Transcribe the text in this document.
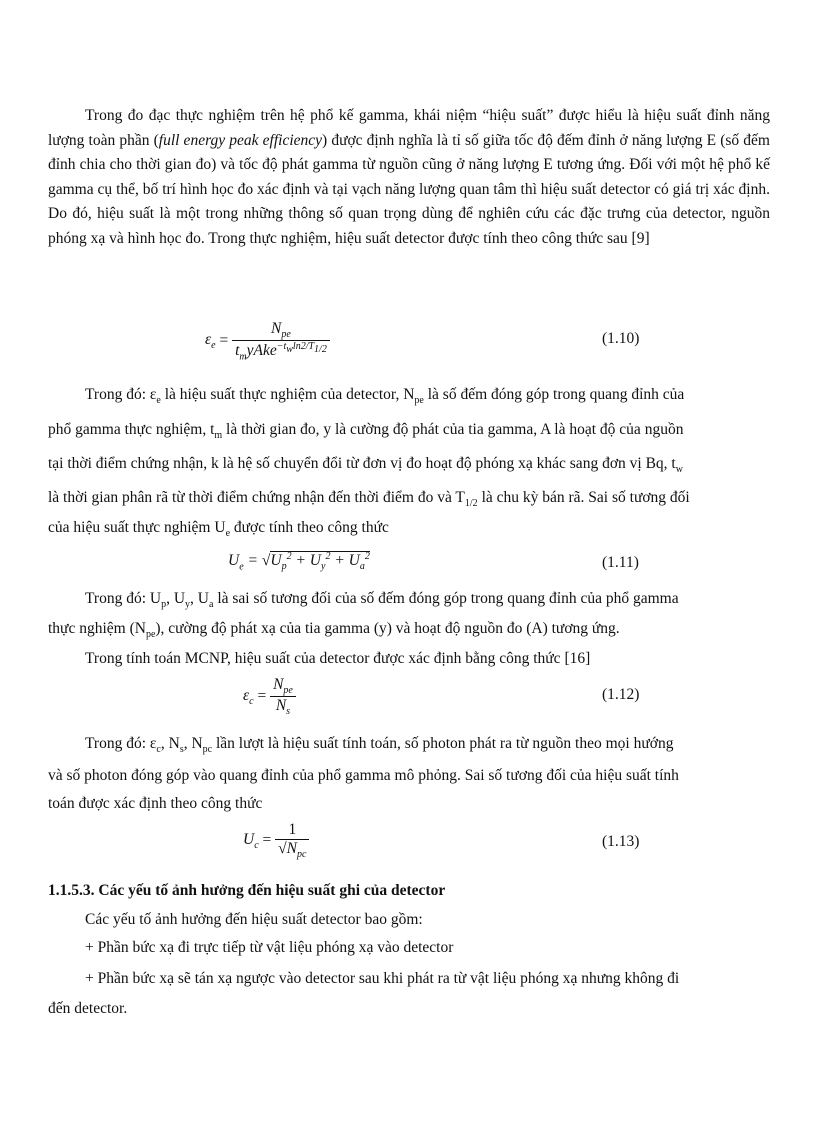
Trong đo đạc thực nghiệm trên hệ phổ kế gamma, khái niệm “hiệu suất” được hiểu là hiệu suất đỉnh năng lượng toàn phần (full energy peak efficiency) được định nghĩa là tỉ số giữa tốc độ đếm đỉnh ở năng lượng E (số đếm đỉnh chia cho thời gian đo) và tốc độ phát gamma từ nguồn cũng ở năng lượng E tương ứng. Đối với một hệ phổ kế gamma cụ thể, bố trí hình học đo xác định và tại vạch năng lượng quan tâm thì hiệu suất detector có giá trị xác định. Do đó, hiệu suất là một trong những thông số quan trọng dùng để nghiên cứu các đặc trưng của detector, nguồn phóng xạ và hình học đo. Trong thực nghiệm, hiệu suất detector được tính theo công thức sau [9]
$\varepsilon_e = \frac{N_{pe}}{t_myAke^{-t_wln2/T_{1/2}}}$	(1.10)
Trong đó: $\varepsilon_e$ là hiệu suất thực nghiệm của detector, $N_{pe}$ là số đếm đóng góp trong quang đỉnh của
phổ gamma thực nghiệm, $t_m$ là thời gian đo, y là cường độ phát của tia gamma, A là hoạt độ của nguồn
tại thời điểm chứng nhận, k là hệ số chuyển đổi từ đơn vị đo hoạt độ phóng xạ khác sang đơn vị Bq, $t_w$
là thời gian phân rã từ thời điểm chứng nhận đến thời điểm đo và $T_{1/2}$ là chu kỳ bán rã. Sai số tương đối
của hiệu suất thực nghiệm $U_e$ được tính theo công thức
$U_e = √U_p^2 + U_y^2 + U_a^2$	(1.11)
Trong đó: $U_p$, $U_y$, $U_a$ là sai số tương đối của số đếm đóng góp trong quang đỉnh của phổ gamma
thực nghiệm $(N_{pe})$, cường độ phát xạ của tia gamma (y) và hoạt độ nguồn đo (A) tương ứng.
Trong tính toán MCNP, hiệu suất của detector được xác định bằng công thức [16]
$\varepsilon_c = \frac{N_{pe}}{N_s}$	(1.12)
Trong đó: $\varepsilon_c$, $N_s$, $N_{pc}$ lần lượt là hiệu suất tính toán, số photon phát ra từ nguồn theo mọi hướng
và số photon đóng góp vào quang đỉnh của phổ gamma mô phỏng. Sai số tương đối của hiệu suất tính
toán được xác định theo công thức
$U_c = \frac{1}{√N_{pc}}$	(1.13)
1.1.5.3. Các yếu tố ảnh hưởng đến hiệu suất ghi của detector
Các yếu tố ảnh hưởng đến hiệu suất detector bao gồm:
+ Phần bức xạ đi trực tiếp từ vật liệu phóng xạ vào detector
+ Phần bức xạ sẽ tán xạ ngược vào detector sau khi phát ra từ vật liệu phóng xạ nhưng không đi
đến detector.
